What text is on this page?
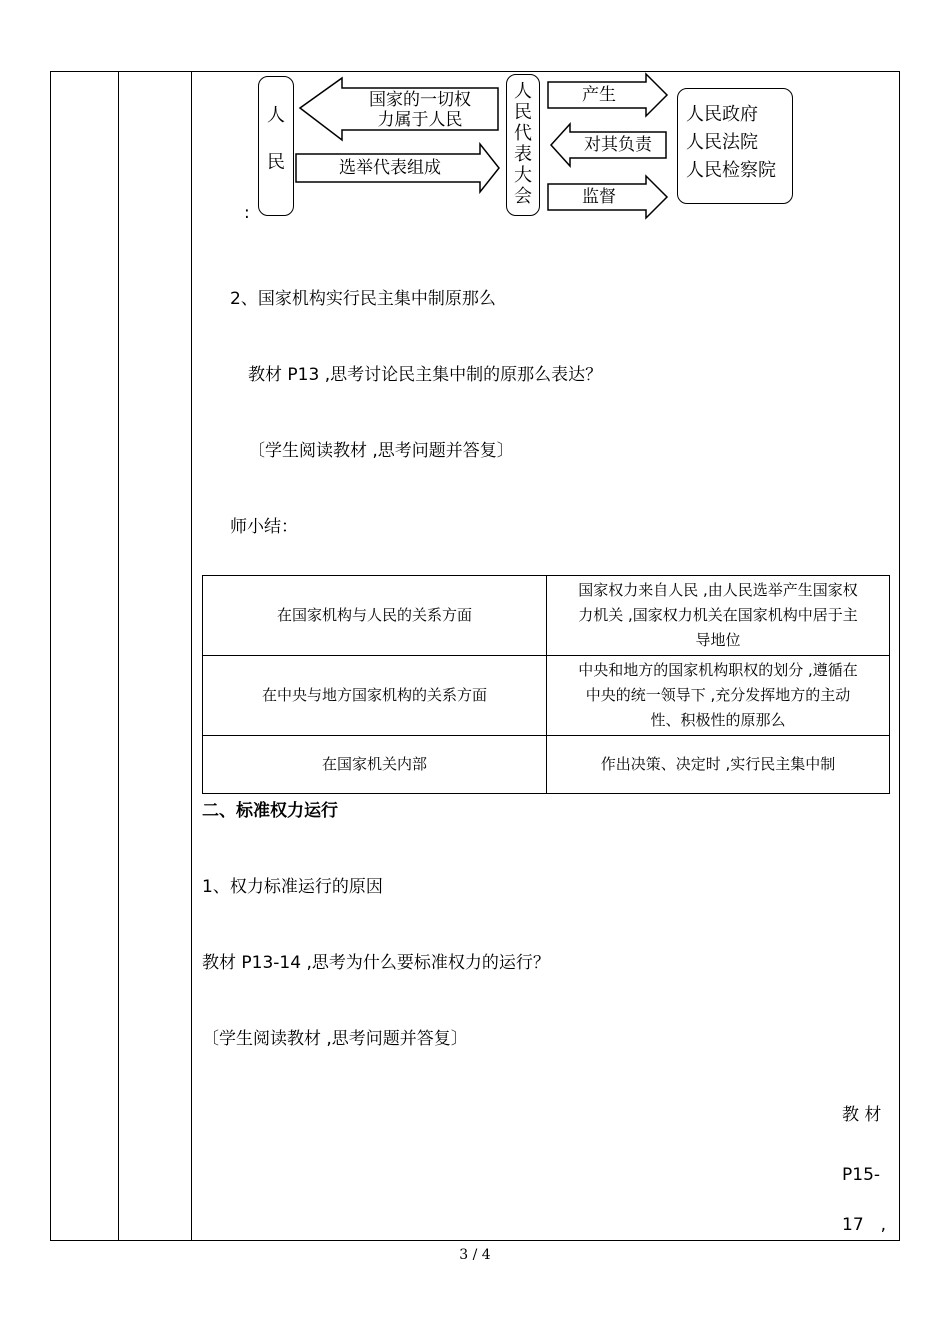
人
民
国家的一切权
力属于人民
选举代表组成
人
民
代
表
大
会
产生
对其负责
监督
人民政府
人民法院
人民检察院
:
2、国家机构实行民主集中制原那么
教材 P13 ,思考讨论民主集中制的原那么表达？
〔学生阅读教材 ,思考问题并答复〕
师小结：
在国家机构与人民的关系方面	国家权力来自人民 ,由人民选举产生国家权
力机关 ,国家权力机关在国家机构中居于主
导地位

在中央与地方国家机构的关系方面	中央和地方的国家机构职权的划分 ,遵循在
中央的统一领导下 ,充分发挥地方的主动
性、积极性的原那么

在国家机关内部	作出决策、决定时 ,实行民主集中制
二、标准权力运行
1、权力标准运行的原因
教材 P13-14 ,思考为什么要标准权力的运行？
〔学生阅读教材 ,思考问题并答复〕
教 材
P15-
17　,
3 / 4
